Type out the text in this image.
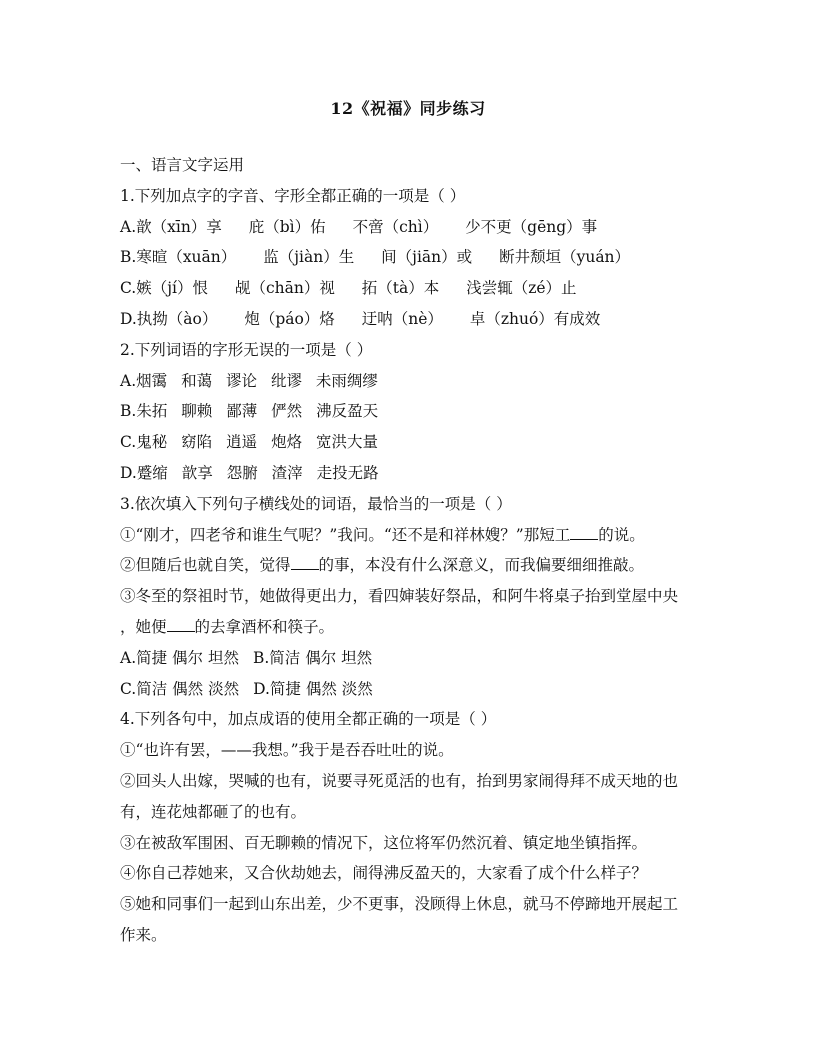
12《祝福》同步练习
一、语言文字运用
1.下列加点字的字音、字形全都正确的一项是（ ）
A.歆（xīn）享 庇（bì）佑 不啻（chì） 少不更（gēng）事
B.寒暄（xuān） 监（jiàn）生 间（jiān）或 断井颓垣（yuán）
C.嫉（jí）恨 觇（chān）视 拓（tà）本 浅尝辄（zé）止
D.执拗（ào） 炮（páo）烙 迂呐（nè） 卓（zhuó）有成效
2.下列词语的字形无误的一项是（ ）
A.烟霭 和蔼 谬论 纰谬 未雨绸缪
B.朱拓 聊赖 鄙薄 俨然 沸反盈天
C.鬼秘 窈陷 逍遥 炮烙 宽洪大量
D.蹙缩 歆享 怨腑 渣滓 走投无路
3.依次填入下列句子横线处的词语，最恰当的一项是（ ）
①“刚才，四老爷和谁生气呢？”我问。“还不是和祥林嫂？”那短工 的说。
②但随后也就自笑，觉得 的事，本没有什么深意义，而我偏要细细推敲。
③冬至的祭祖时节，她做得更出力，看四婶装好祭品，和阿牛将桌子抬到堂屋中央
，她便 的去拿酒杯和筷子。
A.简捷 偶尔 坦然 B.简洁 偶尔 坦然
C.简洁 偶然 淡然 D.简捷 偶然 淡然
4.下列各句中，加点成语的使用全都正确的一项是（ ）
①“也许有罢，——我想。”我于是吞吞吐吐的说。
②回头人出嫁，哭喊的也有，说要寻死觅活的也有，抬到男家闹得拜不成天地的也
有，连花烛都砸了的也有。
③在被敌军围困、百无聊赖的情况下，这位将军仍然沉着、镇定地坐镇指挥。
④你自己荐她来，又合伙劫她去，闹得沸反盈天的，大家看了成个什么样子？
⑤她和同事们一起到山东出差，少不更事，没顾得上休息，就马不停蹄地开展起工
作来。
